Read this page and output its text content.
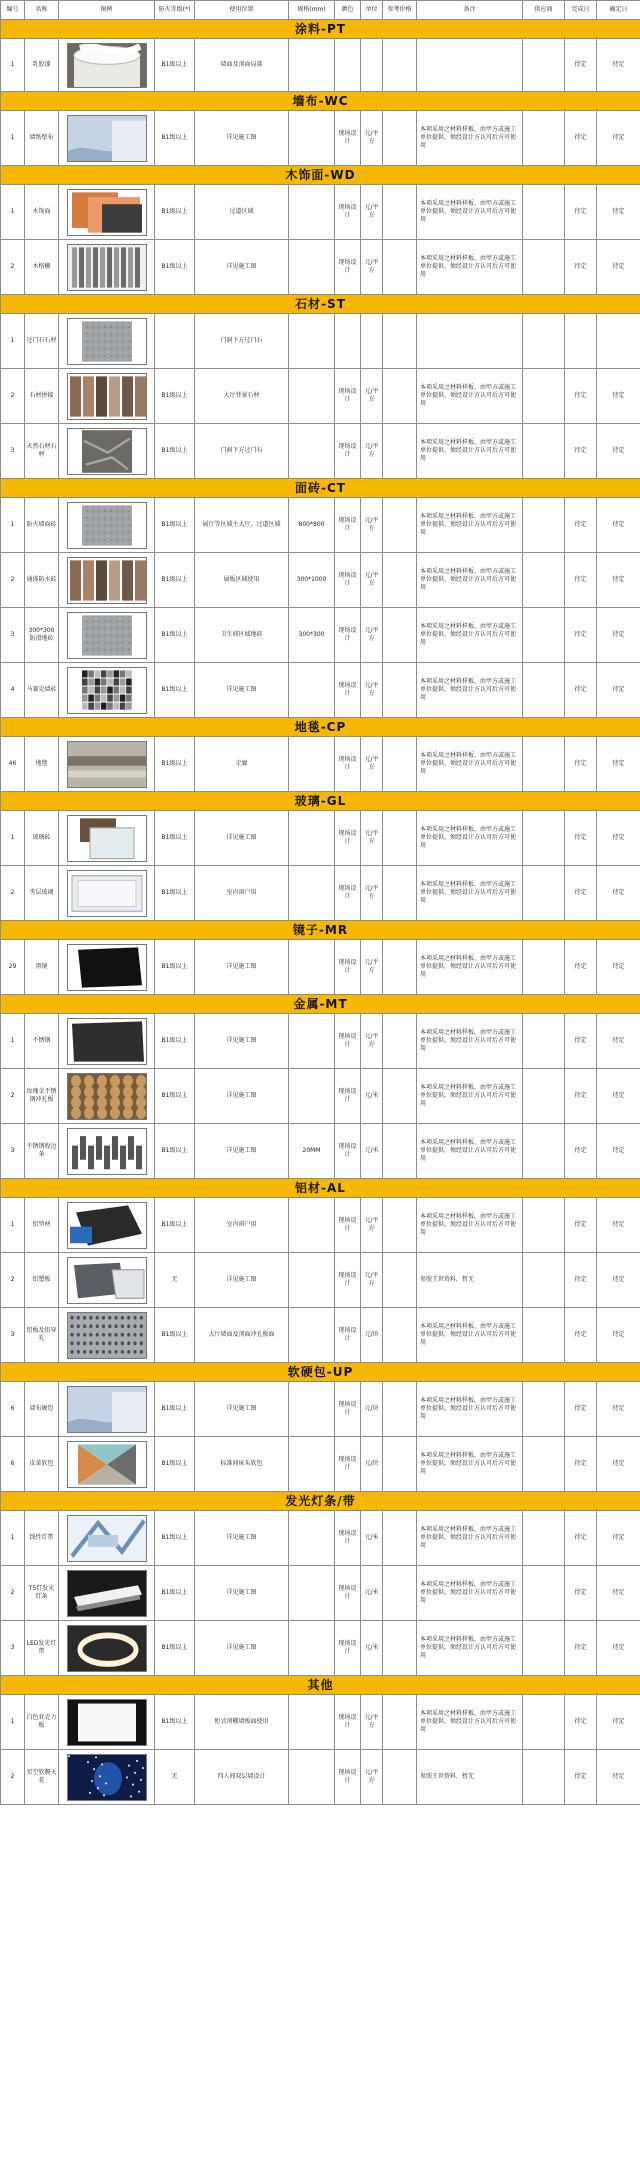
编号	名称	图例	防火等级(*)	使用位置	规格(mm)	颜色	单位	参考价格	备注	供应商	完成日	确定日
涂料-PT												
1	乳胶漆		B1级以上	墙面及顶面局部							待定	待定
墙布-WC												
1	墙纸壁布		B1级以上	详见施工图		现场设计	元/平方		本项采用之材料样板，由甲方或施工单位提供，须经设计方认可后方可使用		待定	待定
木饰面-WD												
1	木饰面		B1级以上	过道区域		现场设计	元/平方		本项采用之材料样板，由甲方或施工单位提供，须经设计方认可后方可使用		待定	待定
2	木格栅		B1级以上	详见施工图		现场设计	元/平方		本项采用之材料样板，由甲方或施工单位提供，须经设计方认可后方可使用		待定	待定
石材-ST												
1	过门石石材			门洞下方过门石								
2	石材拼接		B1级以上	大厅背景石材		现场设计	元/平方		本项采用之材料样板，由甲方或施工单位提供，须经设计方认可后方可使用		待定	待定
3	天然石材石材		B1级以上	门洞下方过门石		现场设计	元/平方		本项采用之材料样板，由甲方或施工单位提供，须经设计方认可后方可使用		待定	待定
面砖-CT												
1	防火墙面砖		B1级以上	展厅等区域主大厅，过道区域	800*800	现场设计	元/平方		本项采用之材料样板，由甲方或施工单位提供，须经设计方认可后方可使用		待定	待定
2	通体防水砖		B1级以上	展板区域使用	300*1000	现场设计	元/平方		本项采用之材料样板，由甲方或施工单位提供，须经设计方认可后方可使用		待定	待定
3	300*300防滑地砖		B1级以上	卫生间区域地砖	300*300	现场设计	元/平方		本项采用之材料样板，由甲方或施工单位提供，须经设计方认可后方可使用		待定	待定
4	马赛克墙砖		B1级以上	详见施工图		现场设计	元/平方		本项采用之材料样板，由甲方或施工单位提供，须经设计方认可后方可使用		待定	待定
地毯-CP												
46	地毯		B1级以上	走廊		现场设计	元/平方		本项采用之材料样板，由甲方或施工单位提供，须经设计方认可后方可使用		待定	待定
玻璃-GL												
1	玻璃砖		B1级以上	详见施工图		现场设计	元/平方		本项采用之材料样板，由甲方或施工单位提供，须经设计方认可后方可使用		待定	待定
2	夹层玻璃		B1级以上	室内窗户用		现场设计	元/平方		本项采用之材料样板，由甲方或施工单位提供，须经设计方认可后方可使用		待定	待定
镜子-MR												
29	黑镜		B1级以上	详见施工图		现场设计	元/平方		本项采用之材料样板，由甲方或施工单位提供，须经设计方认可后方可使用		待定	待定
金属-MT												
1	不锈钢		B1级以上	详见施工图		现场设计	元/平方		本项采用之材料样板，由甲方或施工单位提供，须经设计方认可后方可使用		待定	待定
2	玫瑰金不锈钢冲孔板		B1级以上	详见施工图		现场设计	元/米		本项采用之材料样板，由甲方或施工单位提供，须经设计方认可后方可使用		待定	待定
3	不锈钢收边条		B1级以上	详见施工图	20MM	现场设计	元/米		本项采用之材料样板，由甲方或施工单位提供，须经设计方认可后方可使用		待定	待定
铝材-AL												
1	铝型材		B1级以上	室内窗户用		现场设计	元/平方		本项采用之材料样板，由甲方或施工单位提供，须经设计方认可后方可使用		待定	待定
2	铝塑板		无	详见施工图		现场设计	元/平方		参照王世资料，暂无		待定	待定
3	铝板及铝穿孔		B1级以上	大厅墙面及顶面冲孔板面		现场设计	元/块		本项采用之材料样板，由甲方或施工单位提供，须经设计方认可后方可使用		待定	待定
软硬包-UP												
6	墙布硬包		B1级以上	详见施工图		现场设计	元/块		本项采用之材料样板，由甲方或施工单位提供，须经设计方认可后方可使用		待定	待定
6	皮革软包		B1级以上	标准间床头软包		现场设计	元/块		本项采用之材料样板，由甲方或施工单位提供，须经设计方认可后方可使用		待定	待定
发光灯条/带												
1	线性灯带		B1级以上	详见施工图		现场设计	元/米		本项采用之材料样板，由甲方或施工单位提供，须经设计方认可后方可使用		待定	待定
2	T5灯发光灯条		B1级以上	详见施工图		现场设计	元/米		本项采用之材料样板，由甲方或施工单位提供，须经设计方认可后方可使用		待定	待定
3	LED发光灯带		B1级以上	详见施工图		现场设计	元/米		本项采用之材料样板，由甲方或施工单位提供，须经设计方认可后方可使用		待定	待定
其他												
1	白色亚克力板		B1级以上	柜式顶棚墙板面使用		现场设计	元/平方		本项采用之材料样板，由甲方或施工单位提供，须经设计方认可后方可使用		待定	待定
2	星空软膜天花		无	四人间双层墙设计		现场设计	元/平方		参照王世资料，暂无		待定	待定
